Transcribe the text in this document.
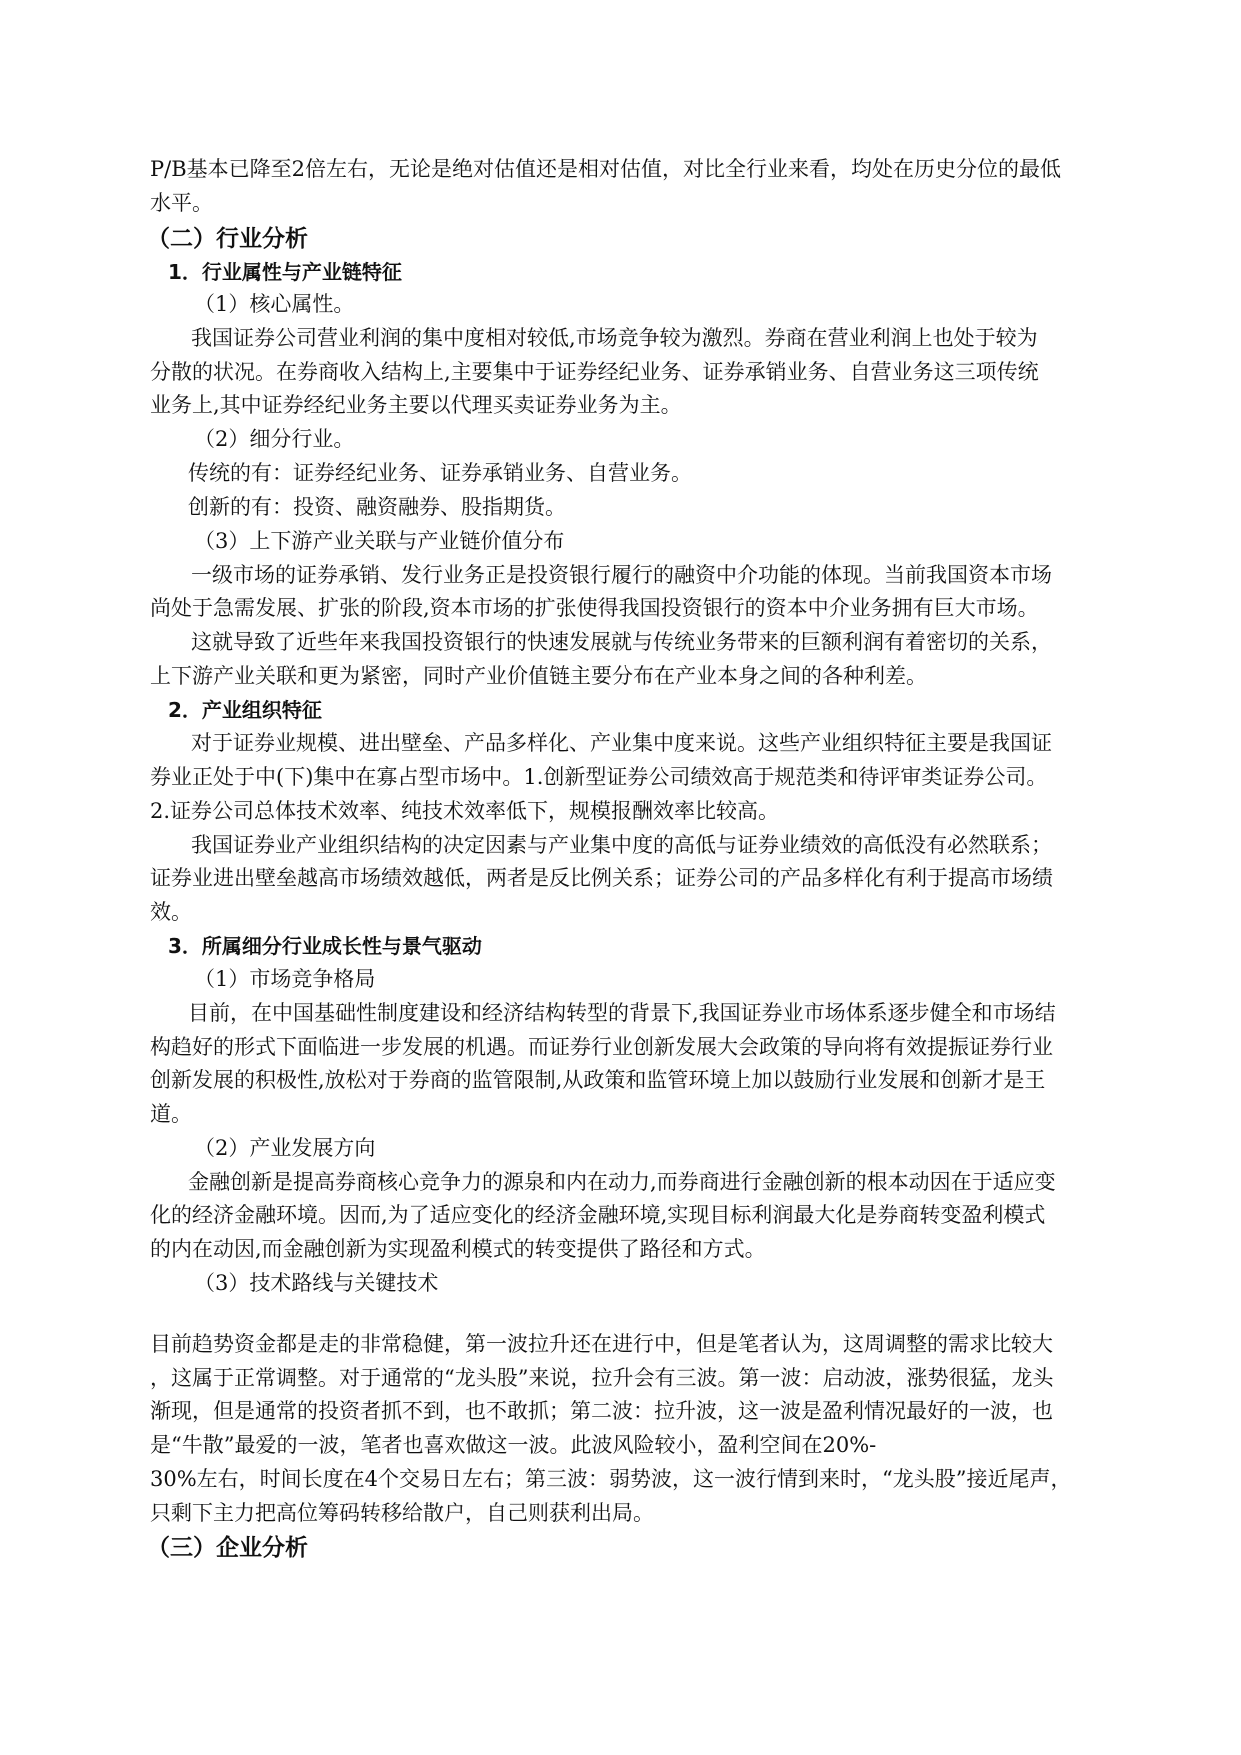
P/B基本已降至2倍左右，无论是绝对估值还是相对估值，对比全行业来看，均处在历史分位的最低

水平。

（二）行业分析

1．行业属性与产业链特征

（1）核心属性。

我国证券公司营业利润的集中度相对较低,市场竞争较为激烈。券商在营业利润上也处于较为

分散的状况。在券商收入结构上,主要集中于证券经纪业务、证券承销业务、自营业务这三项传统

业务上,其中证券经纪业务主要以代理买卖证券业务为主。

（2）细分行业。

传统的有：证券经纪业务、证券承销业务、自营业务。

创新的有：投资、融资融券、股指期货。

（3）上下游产业关联与产业链价值分布

一级市场的证券承销、发行业务正是投资银行履行的融资中介功能的体现。当前我国资本市场

尚处于急需发展、扩张的阶段,资本市场的扩张使得我国投资银行的资本中介业务拥有巨大市场。

这就导致了近些年来我国投资银行的快速发展就与传统业务带来的巨额利润有着密切的关系，

上下游产业关联和更为紧密，同时产业价值链主要分布在产业本身之间的各种利差。

2．产业组织特征

对于证券业规模、进出壁垒、产品多样化、产业集中度来说。这些产业组织特征主要是我国证

券业正处于中(下)集中在寡占型市场中。1.创新型证券公司绩效高于规范类和待评审类证券公司。

2.证券公司总体技术效率、纯技术效率低下，规模报酬效率比较高。

我国证券业产业组织结构的决定因素与产业集中度的高低与证券业绩效的高低没有必然联系；

证券业进出壁垒越高市场绩效越低，两者是反比例关系；证券公司的产品多样化有利于提高市场绩

效。

3．所属细分行业成长性与景气驱动

（1）市场竞争格局

目前，在中国基础性制度建设和经济结构转型的背景下,我国证券业市场体系逐步健全和市场结

构趋好的形式下面临进一步发展的机遇。而证券行业创新发展大会政策的导向将有效提振证券行业

创新发展的积极性,放松对于券商的监管限制,从政策和监管环境上加以鼓励行业发展和创新才是王

道。

（2）产业发展方向

金融创新是提高券商核心竞争力的源泉和内在动力,而券商进行金融创新的根本动因在于适应变

化的经济金融环境。因而,为了适应变化的经济金融环境,实现目标利润最大化是券商转变盈利模式

的内在动因,而金融创新为实现盈利模式的转变提供了路径和方式。

（3）技术路线与关键技术

目前趋势资金都是走的非常稳健，第一波拉升还在进行中，但是笔者认为，这周调整的需求比较大

，这属于正常调整。对于通常的“龙头股”来说，拉升会有三波。第一波：启动波，涨势很猛，龙头

渐现，但是通常的投资者抓不到，也不敢抓；第二波：拉升波，这一波是盈利情况最好的一波，也

是“牛散”最爱的一波，笔者也喜欢做这一波。此波风险较小，盈利空间在20%-

30%左右，时间长度在4个交易日左右；第三波：弱势波，这一波行情到来时，“龙头股”接近尾声，

只剩下主力把高位筹码转移给散户，自己则获利出局。

（三）企业分析
